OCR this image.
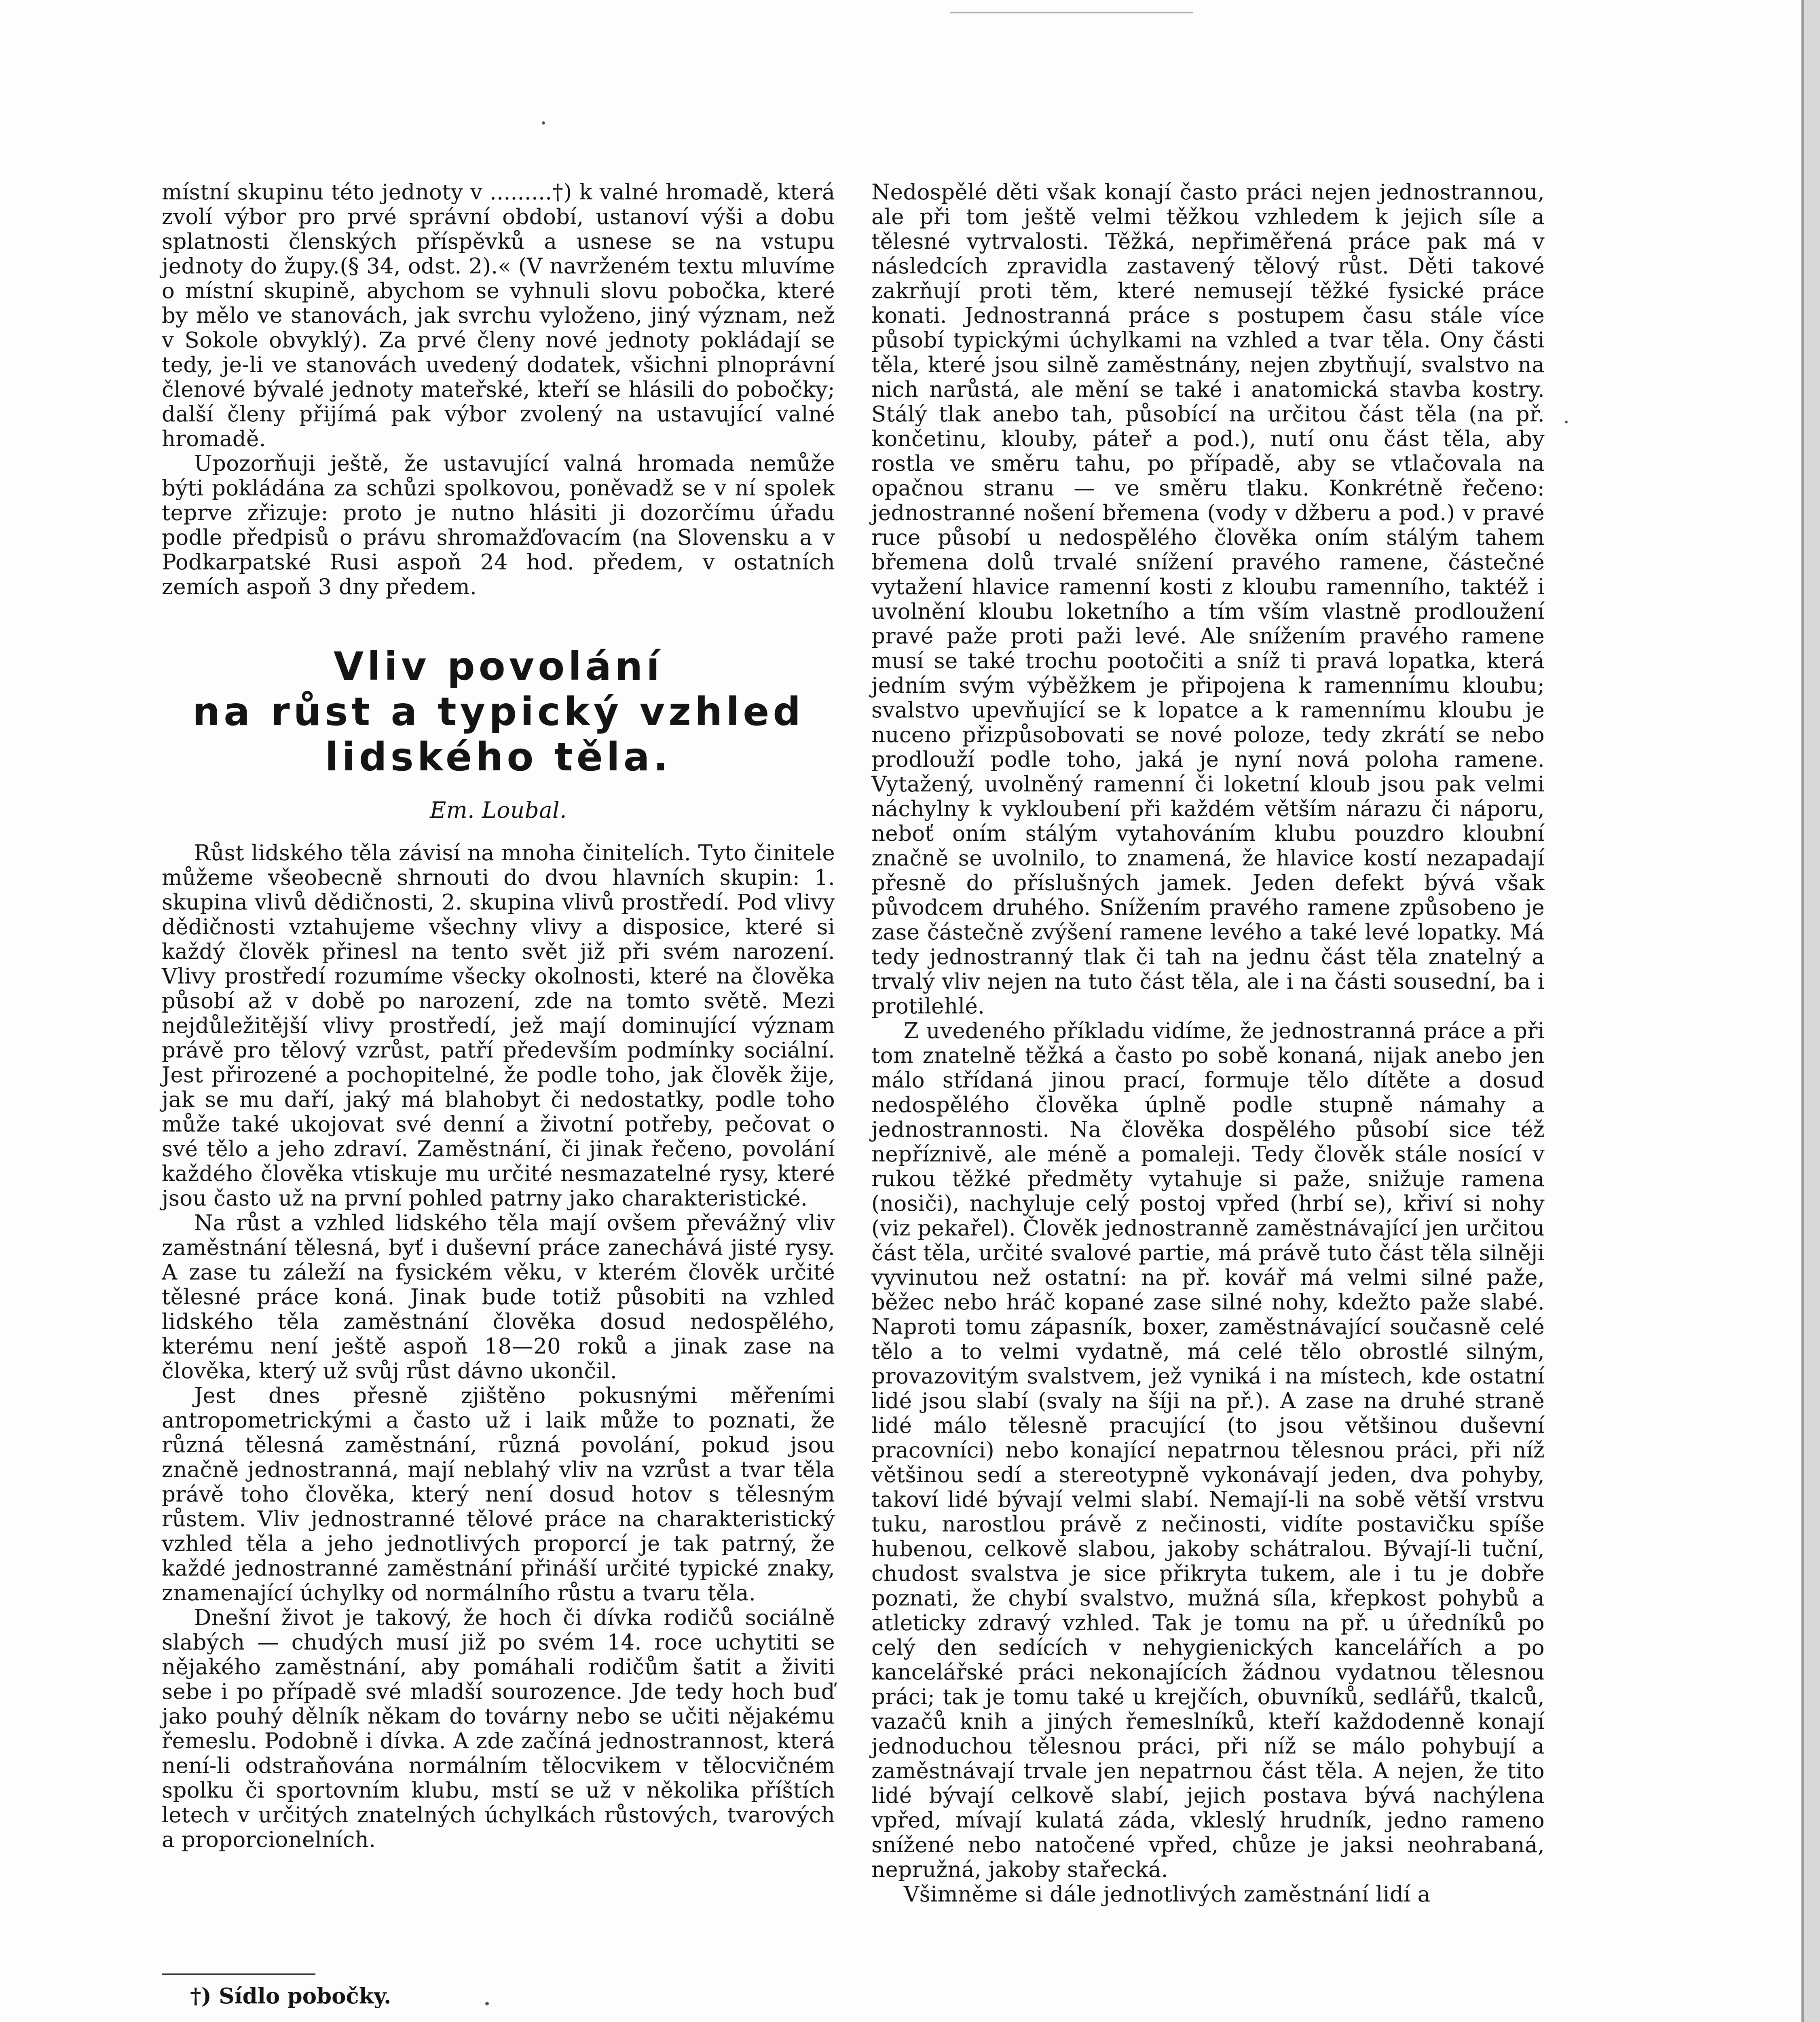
místní skupinu této jednoty v .........†) k valné hromadě, která zvolí výbor pro prvé správní období, ustanoví výši a dobu splatnosti členských příspěvků a usnese se na vstupu jednoty do župy.(§ 34, odst. 2).« (V navrženém textu mluvíme o místní skupině, abychom se vyhnuli slovu pobočka, které by mělo ve stanovách, jak svrchu vyloženo, jiný význam, než v Sokole obvyklý). Za prvé členy nové jednoty pokládají se tedy, je-li ve stanovách uvedený dodatek, všichni plnoprávní členové bývalé jednoty mateřské, kteří se hlásili do pobočky; další členy přijímá pak výbor zvolený na ustavující valné hromadě.

Upozorňuji ještě, že ustavující valná hromada nemůže býti pokládána za schůzi spolkovou, poněvadž se v ní spolek teprve zřizuje: proto je nutno hlásiti ji dozorčímu úřadu podle předpisů o právu shromažďovacím (na Slovensku a v Podkarpatské Rusi aspoň 24 hod. předem, v ostatních zemích aspoň 3 dny předem.

Vliv povolání
na růst a typický vzhled
lidského těla.
Em. Loubal.

Růst lidského těla závisí na mnoha činitelích. Tyto činitele můžeme všeobecně shrnouti do dvou hlavních skupin: 1. skupina vlivů dědičnosti, 2. skupina vlivů prostředí. Pod vlivy dědičnosti vztahujeme všechny vlivy a disposice, které si každý člověk přinesl na tento svět již při svém narození. Vlivy prostředí rozumíme všecky okolnosti, které na člověka působí až v době po narození, zde na tomto světě. Mezi nejdůležitější vlivy prostředí, jež mají dominující význam právě pro tělový vzrůst, patří především podmínky sociální. Jest přirozené a pochopitelné, že podle toho, jak člověk žije, jak se mu daří, jaký má blahobyt či nedostatky, podle toho může také ukojovat své denní a životní potřeby, pečovat o své tělo a jeho zdraví. Zaměstnání, či jinak řečeno, povolání každého člověka vtiskuje mu určité nesmazatelné rysy, které jsou často už na první pohled patrny jako charakteristické.

Na růst a vzhled lidského těla mají ovšem převážný vliv zaměstnání tělesná, byť i duševní práce zanechává jisté rysy. A zase tu záleží na fysickém věku, v kterém člověk určité tělesné práce koná. Jinak bude totiž působiti na vzhled lidského těla zaměstnání člověka dosud nedospělého, kterému není ještě aspoň 18—20 roků a jinak zase na člověka, který už svůj růst dávno ukončil.

Jest dnes přesně zjištěno pokusnými měřeními antropometrickými a často už i laik může to poznati, že různá tělesná zaměstnání, různá povolání, pokud jsou značně jednostranná, mají neblahý vliv na vzrůst a tvar těla právě toho člověka, který není dosud hotov s tělesným růstem. Vliv jednostranné tělové práce na charakteristický vzhled těla a jeho jednotlivých proporcí je tak patrný, že každé jednostranné zaměstnání přináší určité typické znaky, znamenající úchylky od normálního růstu a tvaru těla.

Dnešní život je takový, že hoch či dívka rodičů sociálně slabých — chudých musí již po svém 14. roce uchytiti se nějakého zaměstnání, aby pomáhali rodičům šatit a živiti sebe i po případě své mladší sourozence. Jde tedy hoch buď jako pouhý dělník někam do továrny nebo se učiti nějakému řemeslu. Podobně i dívka. A zde začíná jednostrannost, která není-li odstraňována normálním tělocvikem v tělocvičném spolku či sportovním klubu, mstí se už v několika příštích letech v určitých znatelných úchylkách růstových, tvarových a proporcionelních.

Nedospělé děti však konají často práci nejen jednostrannou, ale při tom ještě velmi těžkou vzhledem k jejich síle a tělesné vytrvalosti. Těžká, nepřiměřená práce pak má v následcích zpravidla zastavený tělový růst. Děti takové zakrňují proti těm, které nemusejí těžké fysické práce konati. Jednostranná práce s postupem času stále více působí typickými úchylkami na vzhled a tvar těla. Ony části těla, které jsou silně zaměstnány, nejen zbytňují, svalstvo na nich narůstá, ale mění se také i anatomická stavba kostry. Stálý tlak anebo tah, působící na určitou část těla (na př. končetinu, klouby, páteř a pod.), nutí onu část těla, aby rostla ve směru tahu, po případě, aby se vtlačovala na opačnou stranu — ve směru tlaku. Konkrétně řečeno: jednostranné nošení břemena (vody v džberu a pod.) v pravé ruce působí u nedospělého člověka oním stálým tahem břemena dolů trvalé snížení pravého ramene, částečné vytažení hlavice ramenní kosti z kloubu ramenního, taktéž i uvolnění kloubu loketního a tím vším vlastně prodloužení pravé paže proti paži levé. Ale snížením pravého ramene musí se také trochu pootočiti a sníž ti pravá lopatka, která jedním svým výběžkem je připojena k ramennímu kloubu; svalstvo upevňující se k lopatce a k ramennímu kloubu je nuceno přizpůsobovati se nové poloze, tedy zkrátí se nebo prodlouží podle toho, jaká je nyní nová poloha ramene. Vytažený, uvolněný ramenní či loketní kloub jsou pak velmi náchylny k vykloubení při každém větším nárazu či náporu, neboť oním stálým vytahováním klubu pouzdro kloubní značně se uvolnilo, to znamená, že hlavice kostí nezapadají přesně do příslušných jamek. Jeden defekt bývá však původcem druhého. Snížením pravého ramene způsobeno je zase částečně zvýšení ramene levého a také levé lopatky. Má tedy jednostranný tlak či tah na jednu část těla znatelný a trvalý vliv nejen na tuto část těla, ale i na části sousední, ba i protilehlé.

Z uvedeného příkladu vidíme, že jednostranná práce a při tom znatelně těžká a často po sobě konaná, nijak anebo jen málo střídaná jinou prací, formuje tělo dítěte a dosud nedospělého člověka úplně podle stupně námahy a jednostrannosti. Na člověka dospělého působí sice též nepříznivě, ale méně a pomaleji. Tedy člověk stále nosící v rukou těžké předměty vytahuje si paže, snižuje ramena (nosiči), nachyluje celý postoj vpřed (hrbí se), křiví si nohy (viz pekařel). Člověk jednostranně zaměstnávající jen určitou část těla, určité svalové partie, má právě tuto část těla silněji vyvinutou než ostatní: na př. kovář má velmi silné paže, běžec nebo hráč kopané zase silné nohy, kdežto paže slabé. Naproti tomu zápasník, boxer, zaměstnávající současně celé tělo a to velmi vydatně, má celé tělo obrostlé silným, provazovitým svalstvem, jež vyniká i na místech, kde ostatní lidé jsou slabí (svaly na šíji na př.). A zase na druhé straně lidé málo tělesně pracující (to jsou většinou duševní pracovníci) nebo konající nepatrnou tělesnou práci, při níž většinou sedí a stereotypně vykonávají jeden, dva pohyby, takoví lidé bývají velmi slabí. Nemají-li na sobě větší vrstvu tuku, narostlou právě z nečinosti, vidíte postavičku spíše hubenou, celkově slabou, jakoby schátralou. Bývají-li tuční, chudost svalstva je sice přikryta tukem, ale i tu je dobře poznati, že chybí svalstvo, mužná síla, křepkost pohybů a atleticky zdravý vzhled. Tak je tomu na př. u úředníků po celý den sedících v nehygienických kancelářích a po kancelářské práci nekonajících žádnou vydatnou tělesnou práci; tak je tomu také u krejčích, obuvníků, sedlářů, tkalců, vazačů knih a jiných řemeslníků, kteří každodenně konají jednoduchou tělesnou práci, při níž se málo pohybují a zaměstnávají trvale jen nepatrnou část těla. A nejen, že tito lidé bývají celkově slabí, jejich postava bývá nachýlena vpřed, mívají kulatá záda, vkleslý hrudník, jedno rameno snížené nebo natočené vpřed, chůze je jaksi neohrabaná, nepružná, jakoby stařecká.

Všimněme si dále jednotlivých zaměstnání lidí a

†) Sídlo pobočky.
